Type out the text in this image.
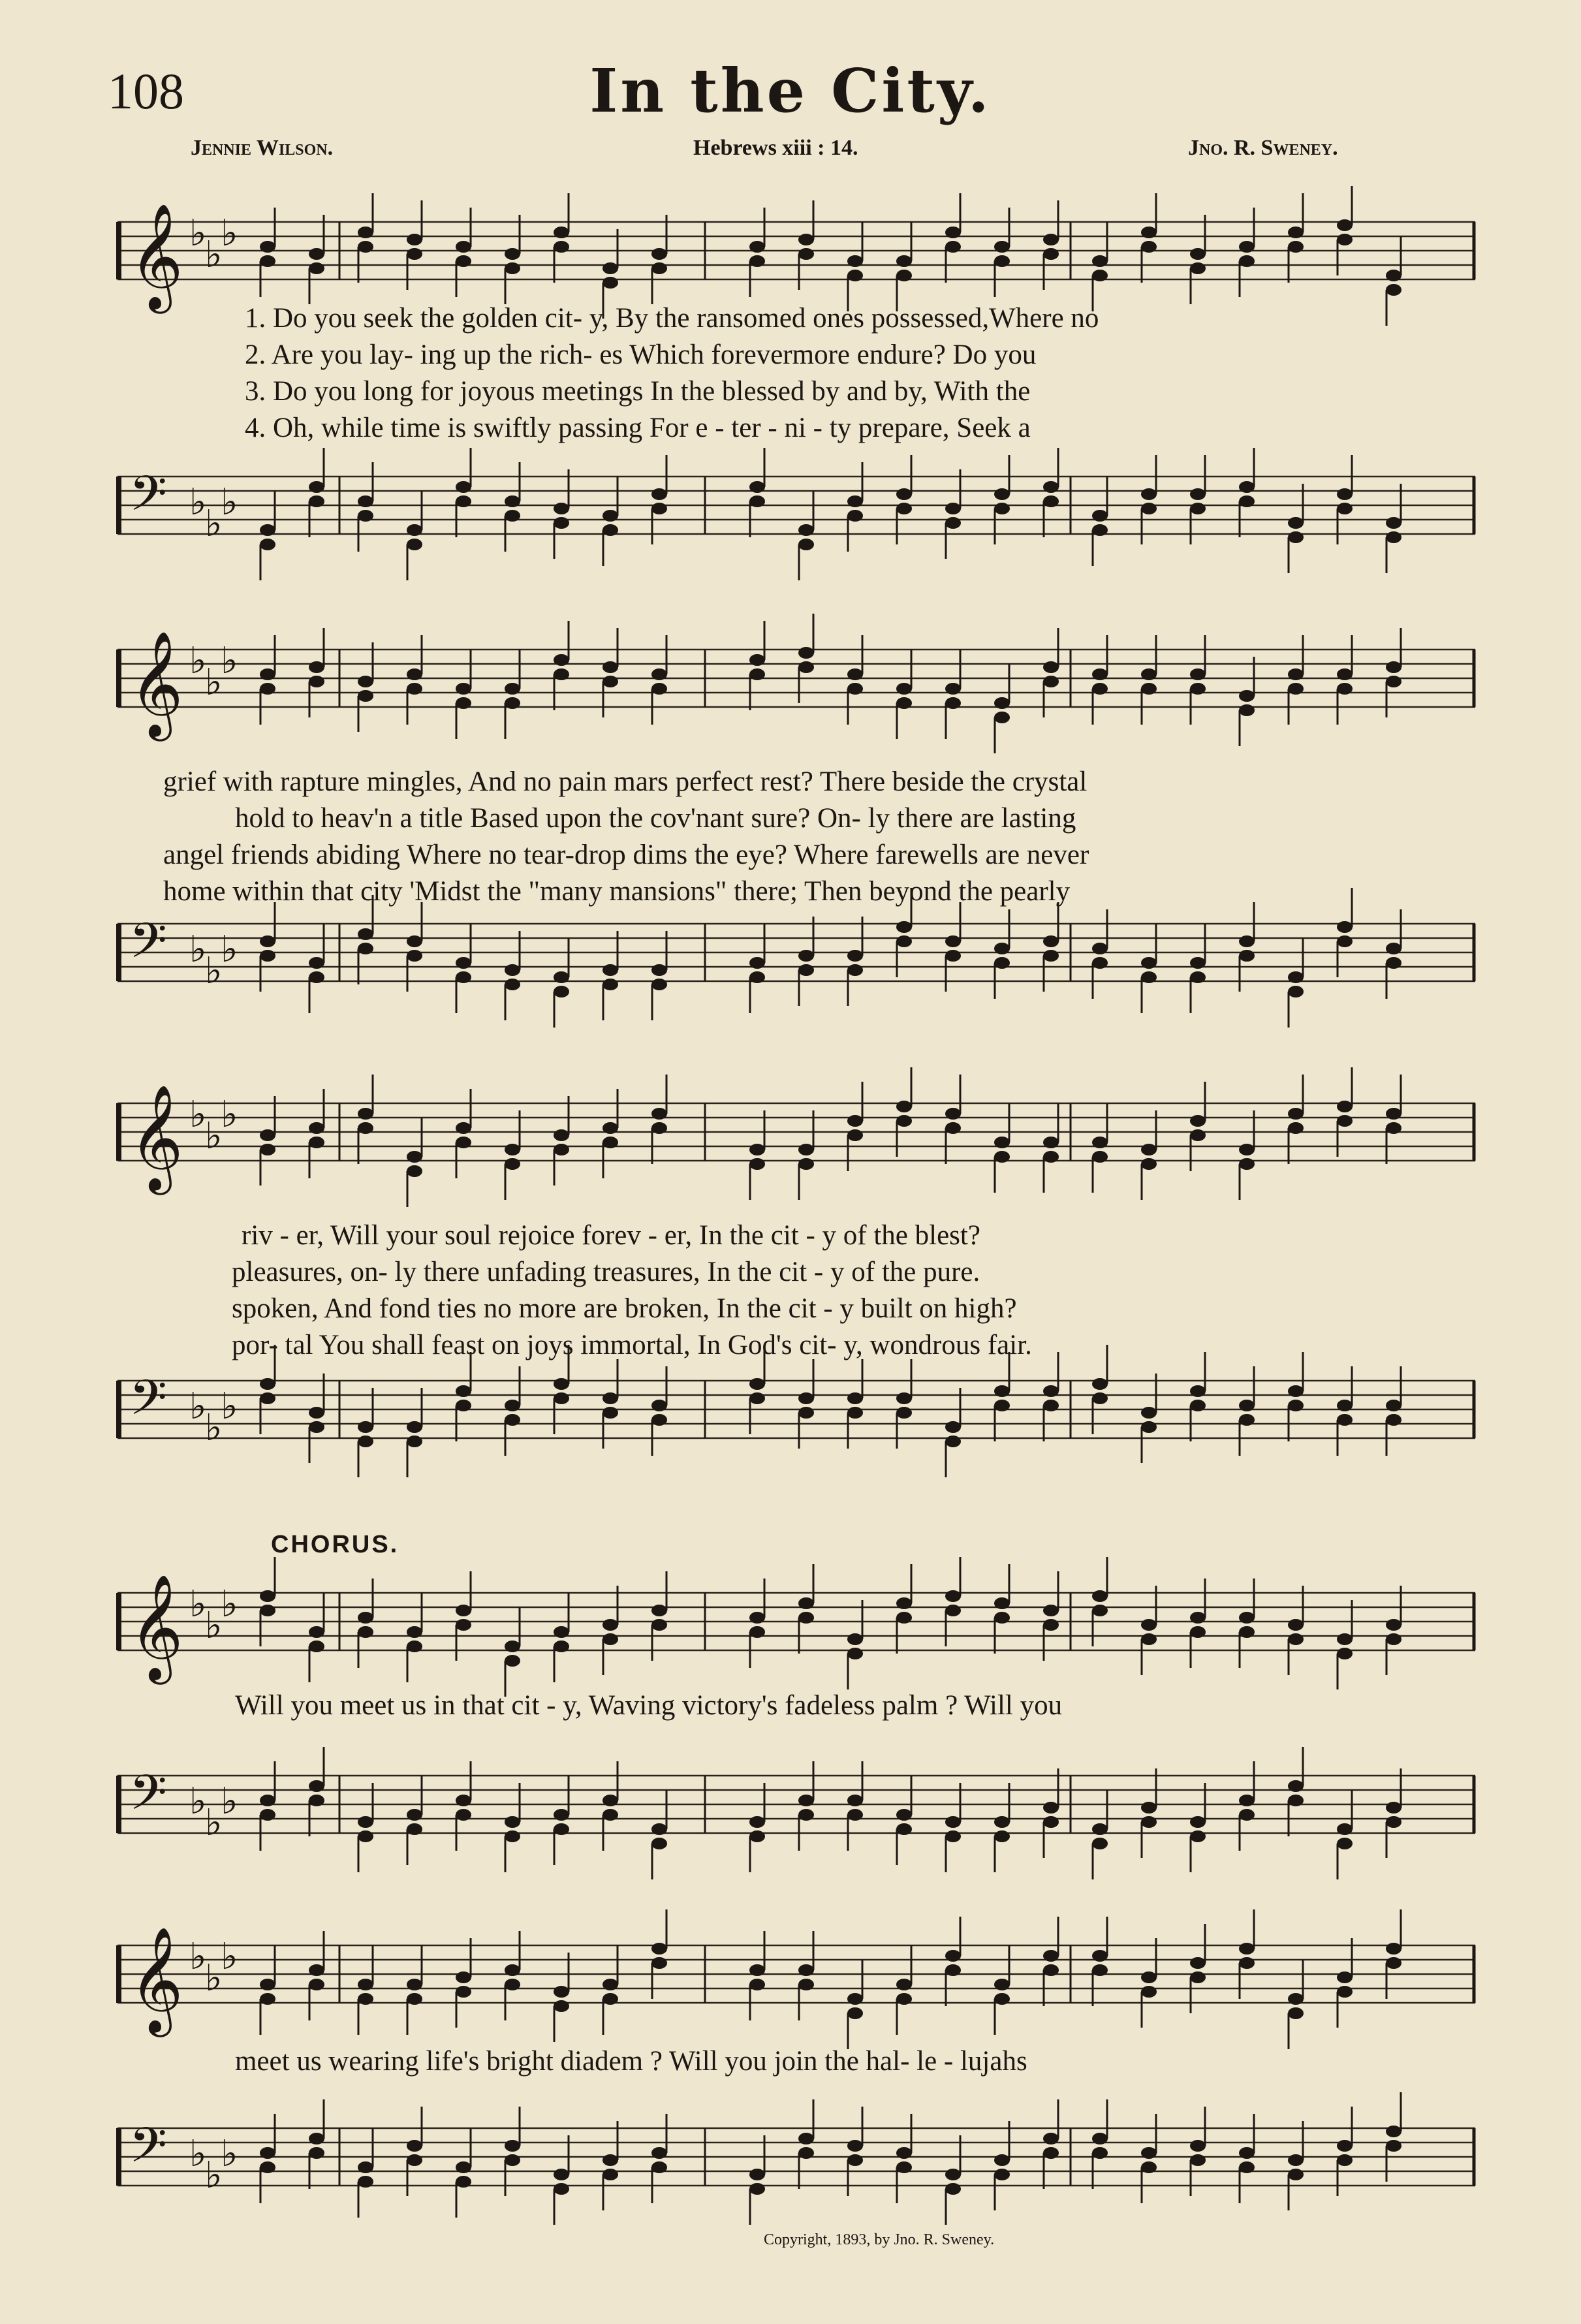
108	In the City.
Jennie Wilson.	Hebrews xiii : 14.	Jno. R. Sweney.
𝄞 ♭
♭
♭
1. Do you seek the golden cit- y, By the ransomed ones possessed,Where no
2. Are you lay- ing up the rich- es Which forevermore endure? Do you
3. Do you long for joyous meetings In the blessed by and by, With the
4. Oh, while time is swiftly passing For e - ter - ni - ty prepare, Seek a
𝄢 ♭
♭
♭
𝄞 ♭
♭
♭
grief with rapture mingles, And no pain mars perfect rest? There beside the crystal
hold to heav'n a title Based upon the cov'nant sure? On- ly there are lasting
angel friends abiding Where no tear-drop dims the eye? Where farewells are never
home within that city 'Midst the "many mansions" there; Then beyond the pearly
𝄢 ♭
♭
♭
𝄞 ♭
♭
♭
riv - er, Will your soul rejoice forev - er, In the cit - y of the blest?
pleasures, on- ly there unfading treasures, In the cit - y of the pure.
spoken, And fond ties no more are broken, In the cit - y built on high?
por- tal You shall feast on joys immortal, In God's cit- y, wondrous fair.
𝄢 ♭
♭
♭
CHORUS.
𝄞 ♭
♭
♭
Will you meet us in that cit - y, Waving victory's fadeless palm ? Will you
𝄢 ♭
♭
♭
𝄞 ♭
♭
♭
meet us wearing life's bright diadem ? Will you join the hal- le - lujahs
𝄢 ♭
♭
♭
Copyright, 1893, by Jno. R. Sweney.
